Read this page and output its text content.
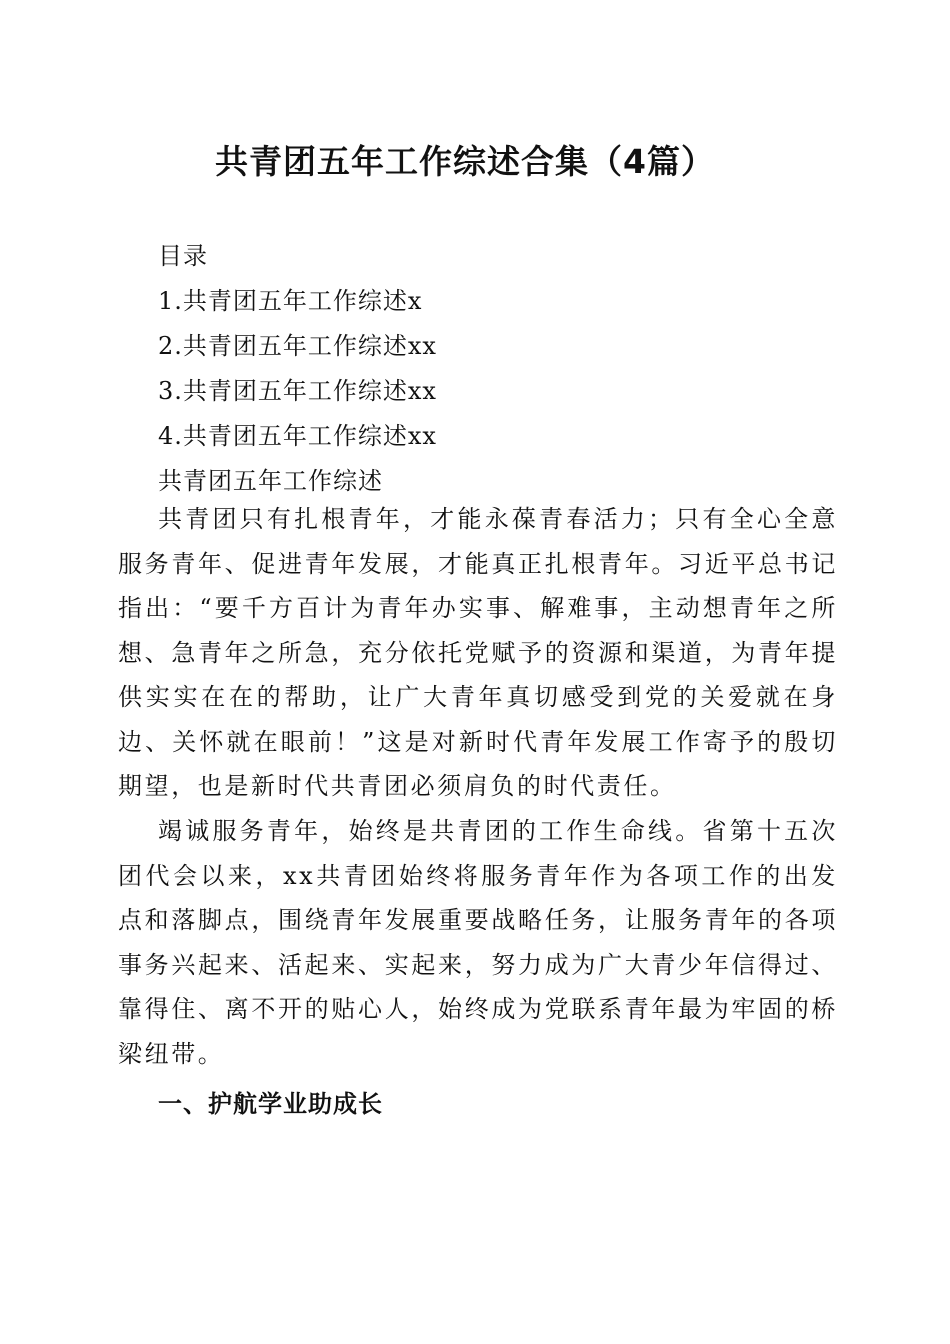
共青团五年工作综述合集（4篇）
目录
1.共青团五年工作综述x
2.共青团五年工作综述xx
3.共青团五年工作综述xx
4.共青团五年工作综述xx
共青团五年工作综述

共青团只有扎根青年，才能永葆青春活力；只有全心全意服务青年、促进青年发展，才能真正扎根青年。习近平总书记指出：“要千方百计为青年办实事、解难事，主动想青年之所想、急青年之所急，充分依托党赋予的资源和渠道，为青年提供实实在在的帮助，让广大青年真切感受到党的关爱就在身边、关怀就在眼前！”这是对新时代青年发展工作寄予的殷切期望，也是新时代共青团必须肩负的时代责任。

竭诚服务青年，始终是共青团的工作生命线。省第十五次团代会以来，xx共青团始终将服务青年作为各项工作的出发点和落脚点，围绕青年发展重要战略任务，让服务青年的各项事务兴起来、活起来、实起来，努力成为广大青少年信得过、靠得住、离不开的贴心人，始终成为党联系青年最为牢固的桥梁纽带。

一、护航学业助成长
